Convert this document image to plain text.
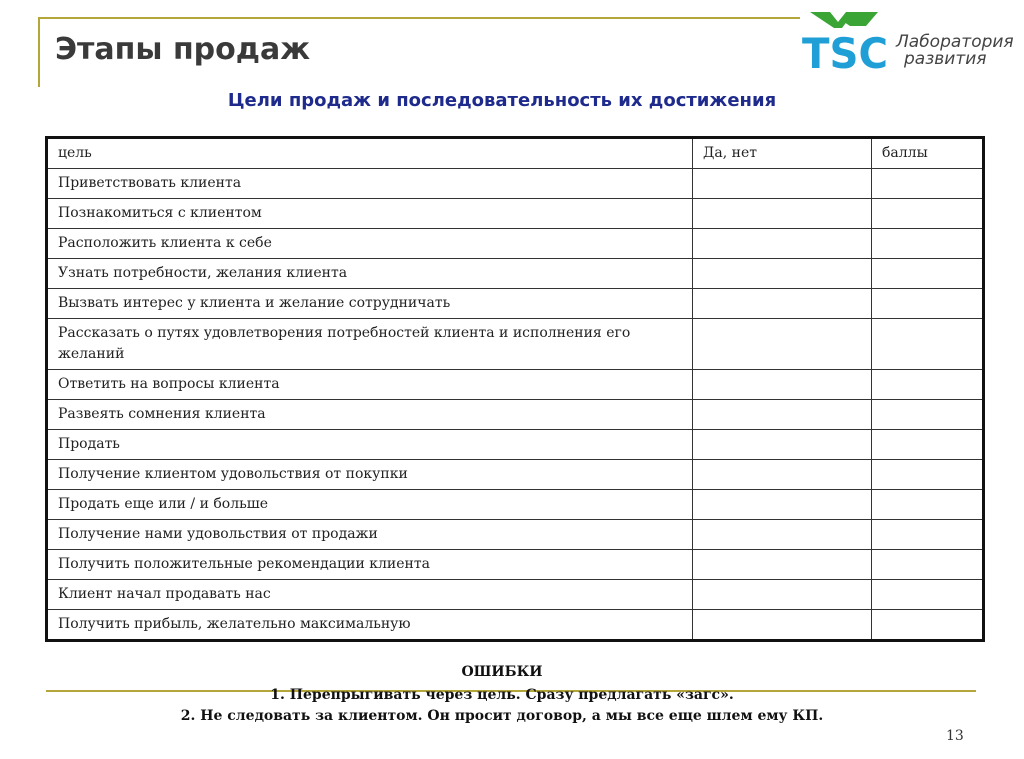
Этапы продаж	TSC Лаборатория
развития
Цели продаж и последовательность их достижения
цель	Да, нет	баллы
Приветствовать клиента		
Познакомиться с клиентом		
Расположить клиента к себе		
Узнать потребности, желания клиента		
Вызвать интерес у клиента и желание сотрудничать		
Рассказать о путях удовлетворения потребностей клиента и исполнения его желаний		
Ответить на вопросы клиента		
Развеять сомнения клиента		
Продать		
Получение клиентом удовольствия от покупки		
Продать еще или / и больше		
Получение нами удовольствия от продажи		
Получить положительные рекомендации клиента		
Клиент начал продавать нас		
Получить прибыль, желательно максимальную		
ОШИБКИ
1. Перепрыгивать через цель. Сразу предлагать «загс».
2. Не следовать за клиентом. Он просит договор, а мы все еще шлем ему КП.
13
